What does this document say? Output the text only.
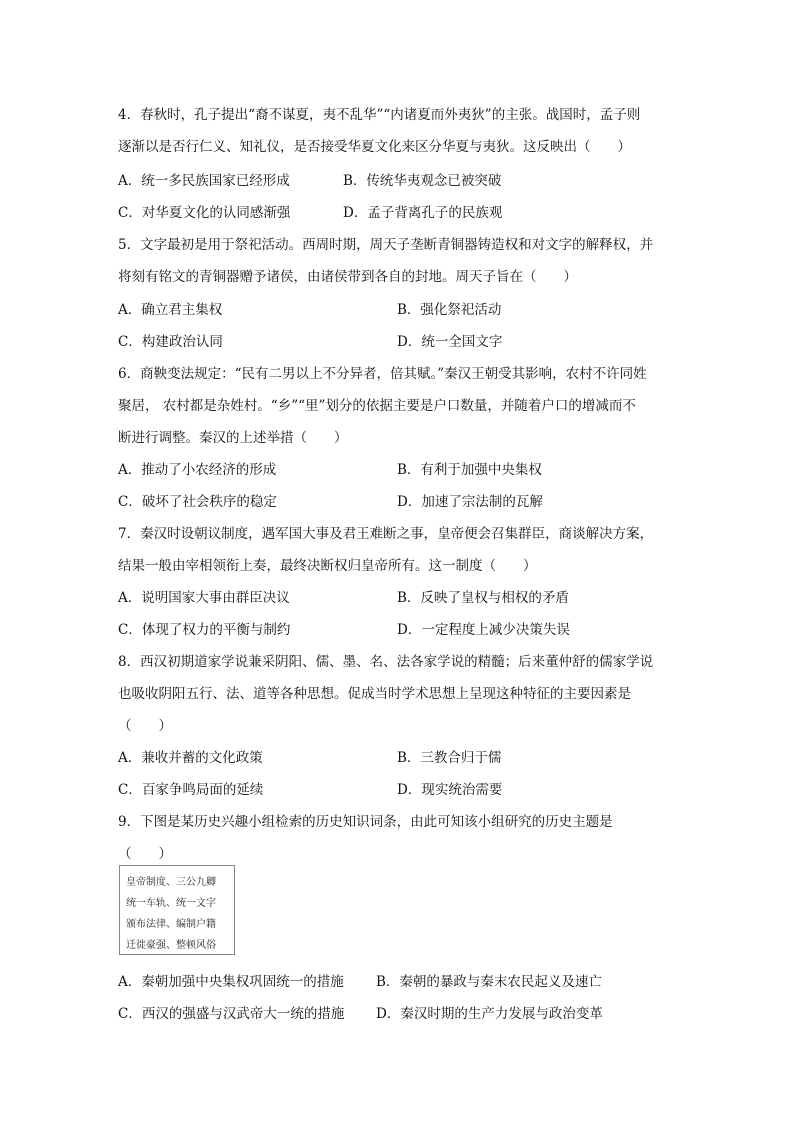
4．春秋时，孔子提出“裔不谋夏，夷不乱华”“内诸夏而外夷狄”的主张。战国时，孟子则
逐渐以是否行仁义、知礼仪，是否接受华夏文化来区分华夏与夷狄。这反映出（　　）
A．统一多民族国家已经形成	B．传统华夷观念已被突破
C．对华夏文化的认同感渐强	D．孟子背离孔子的民族观
5．文字最初是用于祭祀活动。西周时期，周天子垄断青铜器铸造权和对文字的解释权，并
将刻有铭文的青铜器赠予诸侯，由诸侯带到各自的封地。周天子旨在（　　）
A．确立君主集权	B．强化祭祀活动
C．构建政治认同	D．统一全国文字
6．商鞅变法规定：“民有二男以上不分异者，倍其赋。”秦汉王朝受其影响，农村不许同姓
聚居， 农村都是杂姓村。“乡”“里”划分的依据主要是户口数量，并随着户口的增减而不
断进行调整。秦汉的上述举措（　　）
A．推动了小农经济的形成	B．有利于加强中央集权
C．破坏了社会秩序的稳定	D．加速了宗法制的瓦解
7．秦汉时设朝议制度，遇军国大事及君王难断之事，皇帝便会召集群臣，商谈解决方案，
结果一般由宰相领衔上奏，最终决断权归皇帝所有。这一制度（　　）
A．说明国家大事由群臣决议	B．反映了皇权与相权的矛盾
C．体现了权力的平衡与制约	D．一定程度上减少决策失误
8．西汉初期道家学说兼采阴阳、儒、墨、名、法各家学说的精髓；后来董仲舒的儒家学说
也吸收阴阳五行、法、道等各种思想。促成当时学术思想上呈现这种特征的主要因素是
（　　）
A．兼收并蓄的文化政策	B．三教合归于儒
C．百家争鸣局面的延续	D．现实统治需要
9．下图是某历史兴趣小组检索的历史知识词条，由此可知该小组研究的历史主题是
（　　）
皇帝制度、三公九卿
统一车轨、统一文字
颁布法律、编制户籍
迁徙豪强、整顿风俗
A．秦朝加强中央集权巩固统一的措施 B．秦朝的暴政与秦末农民起义及速亡
C．西汉的强盛与汉武帝大一统的措施 D．秦汉时期的生产力发展与政治变革
